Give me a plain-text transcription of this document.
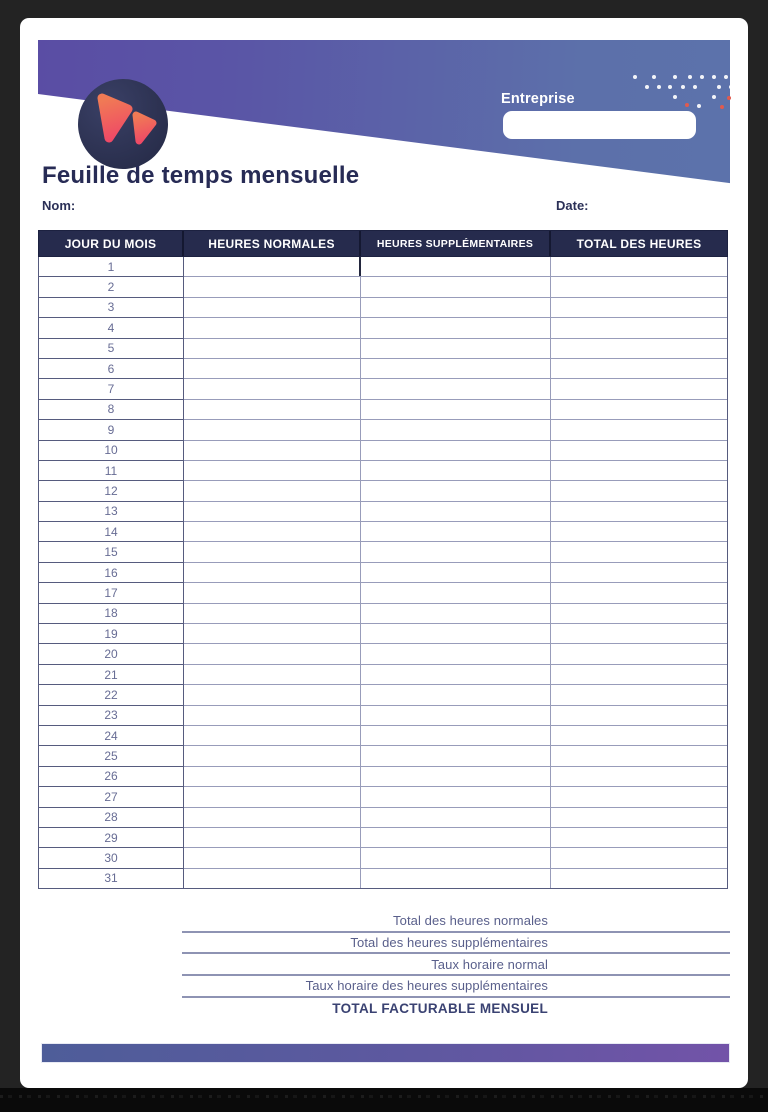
Entreprise
Feuille de temps mensuelle
Nom:	Date:
JOUR DU MOIS	HEURES NORMALES	HEURES SUPPLÉMENTAIRES	TOTAL DES HEURES
1
2
3
4
5
6
7
8
9
10
11
12
13
14
15
16
17
18
19
20
21
22
23
24
25
26
27
28
29
30
31
Total des heures normales
Total des heures supplémentaires
Taux horaire normal
Taux horaire des heures supplémentaires
TOTAL FACTURABLE MENSUEL
